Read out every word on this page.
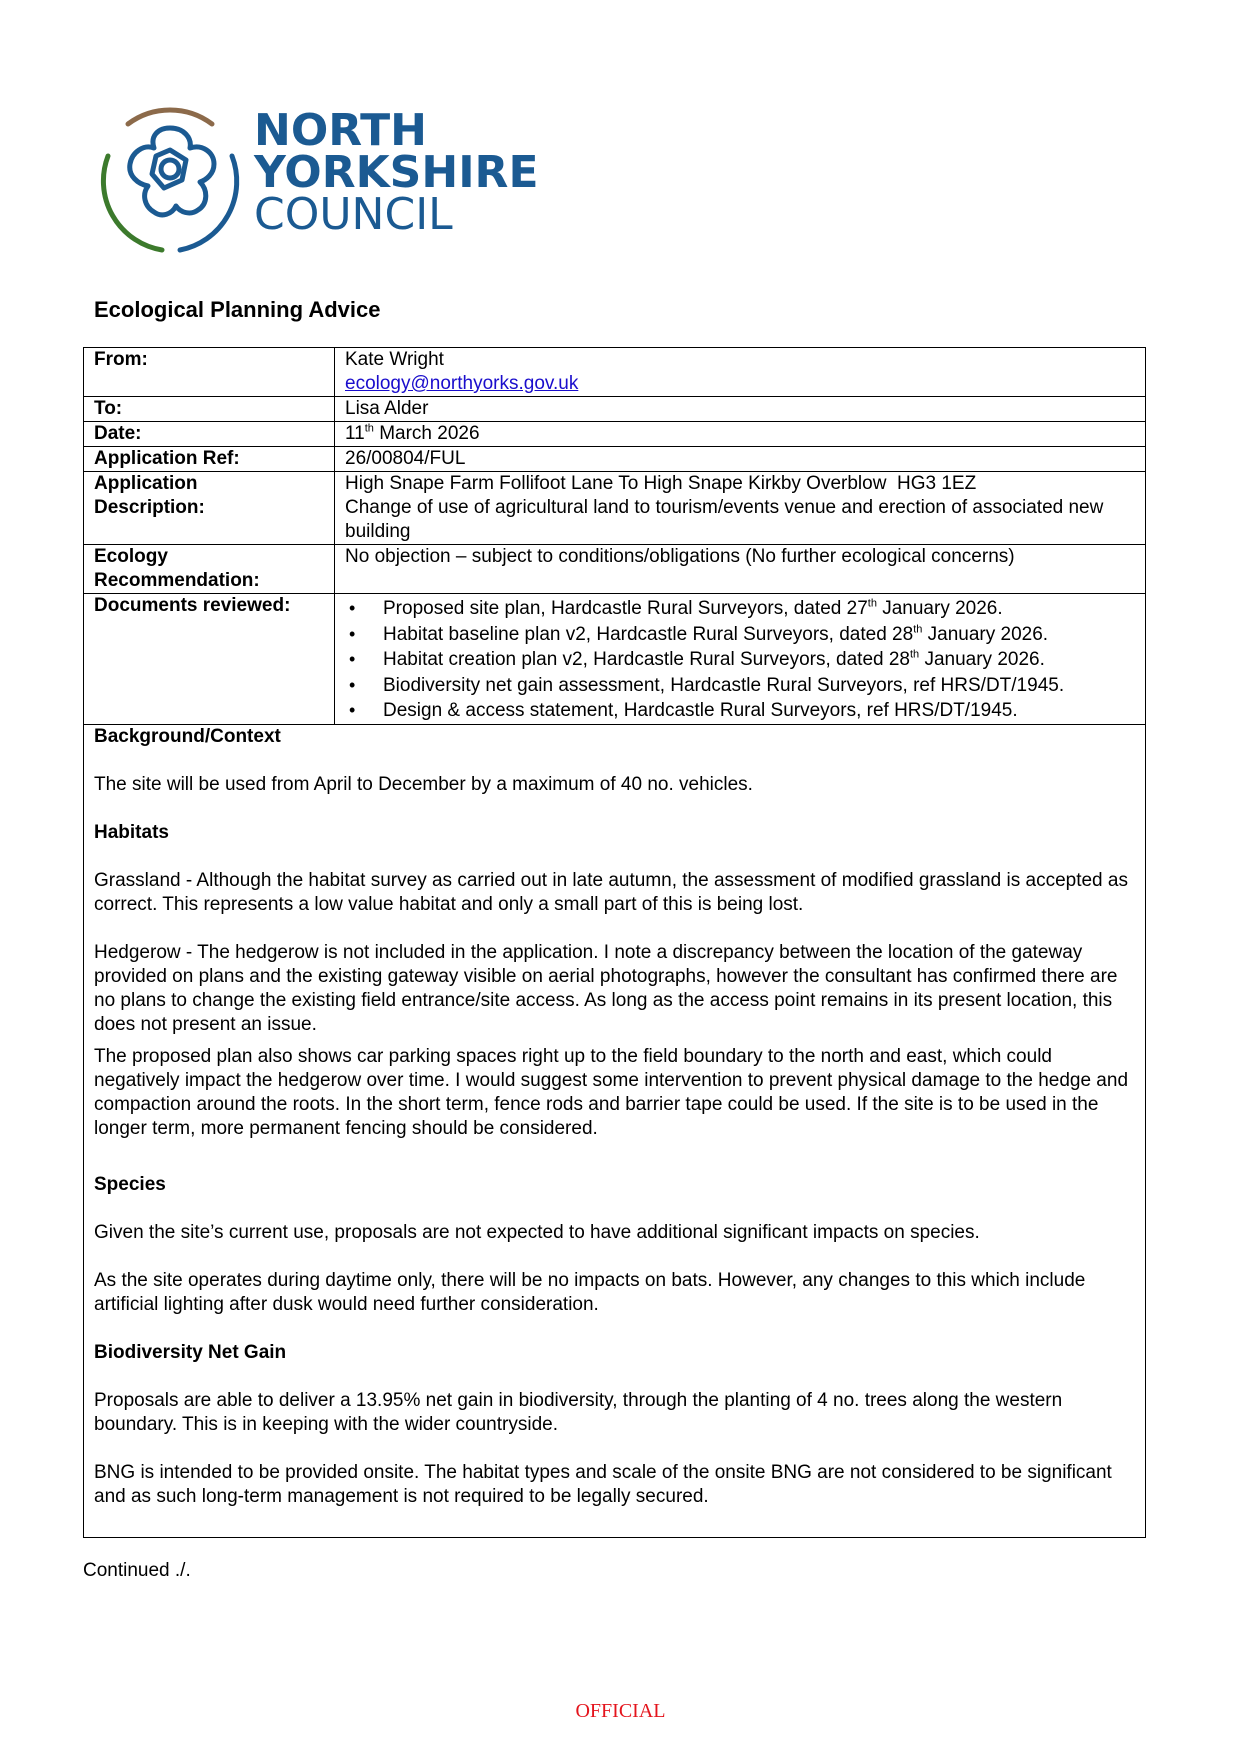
NORTH
YORKSHIRE
COUNCIL
Ecological Planning Advice
From:	Kate Wright
ecology@northyorks.gov.uk
To:	Lisa Alder
Date:	11th March 2026
Application Ref:	26/00804/FUL

Application
Description:

High Snape Farm Follifoot Lane To High Snape Kirkby Overblow  HG3 1EZ
Change of use of agricultural land to tourism/events venue and erection of associated new building

Ecology
Recommendation:	No objection – subject to conditions/obligations (No further ecological concerns)
Documents reviewed:	
•Proposed site plan, Hardcastle Rural Surveyors, dated 27th January 2026.
• Habitat baseline plan v2, Hardcastle Rural Surveyors, dated 28th January 2026.
• Habitat creation plan v2, Hardcastle Rural Surveyors, dated 28th January 2026.
• Biodiversity net gain assessment, Hardcastle Rural Surveyors, ref HRS/DT/1945.
• Design & access statement, Hardcastle Rural Surveyors, ref HRS/DT/1945.

Background/Context

The site will be used from April to December by a maximum of 40 no. vehicles.

Habitats

Grassland - Although the habitat survey as carried out in late autumn, the assessment of modified grassland is accepted as correct. This represents a low value habitat and only a small part of this is being lost.

Hedgerow - The hedgerow is not included in the application. I note a discrepancy between the location of the gateway provided on plans and the existing gateway visible on aerial photographs, however the consultant has confirmed there are no plans to change the existing field entrance/site access. As long as the access point remains in its present location, this does not present an issue.

The proposed plan also shows car parking spaces right up to the field boundary to the north and east, which could negatively impact the hedgerow over time. I would suggest some intervention to prevent physical damage to the hedge and compaction around the roots. In the short term, fence rods and barrier tape could be used. If the site is to be used in the longer term, more permanent fencing should be considered.

Species

Given the site’s current use, proposals are not expected to have additional significant impacts on species.

As the site operates during daytime only, there will be no impacts on bats. However, any changes to this which include artificial lighting after dusk would need further consideration.

Biodiversity Net Gain

Proposals are able to deliver a 13.95% net gain in biodiversity, through the planting of 4 no. trees along the western boundary. This is in keeping with the wider countryside.

BNG is intended to be provided onsite. The habitat types and scale of the onsite BNG are not considered to be significant and as such long-term management is not required to be legally secured.

Continued ./.
OFFICIAL
